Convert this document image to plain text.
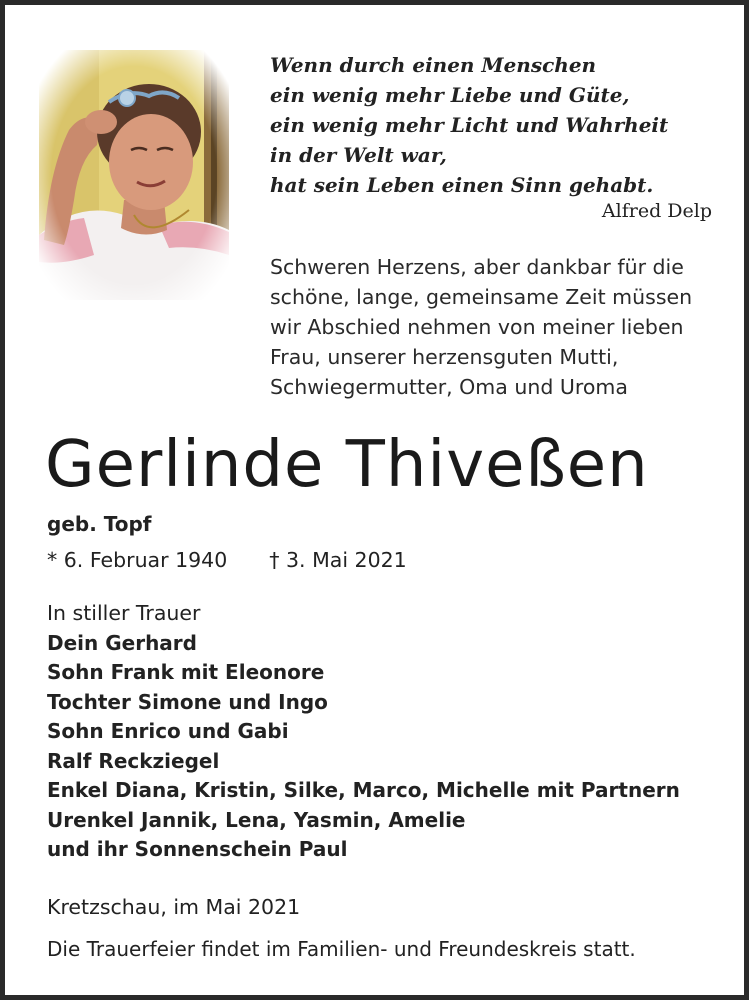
Wenn durch einen Menschen
ein wenig mehr Liebe und Güte,
ein wenig mehr Licht und Wahrheit
in der Welt war,
hat sein Leben einen Sinn gehabt.
Alfred Delp
Schweren Herzens, aber dankbar für die
schöne, lange, gemeinsame Zeit müssen
wir Abschied nehmen von meiner lieben
Frau, unserer herzensguten Mutti,
Schwiegermutter, Oma und Uroma
Gerlinde Thiveßen
geb. Topf
* 6. Februar 1940 † 3. Mai 2021
In stiller Trauer
Dein Gerhard
Sohn Frank mit Eleonore
Tochter Simone und Ingo
Sohn Enrico und Gabi
Ralf Reckziegel
Enkel Diana, Kristin, Silke, Marco, Michelle mit Partnern
Urenkel Jannik, Lena, Yasmin, Amelie
und ihr Sonnenschein Paul
Kretzschau, im Mai 2021
Die Trauerfeier findet im Familien- und Freundeskreis statt.
